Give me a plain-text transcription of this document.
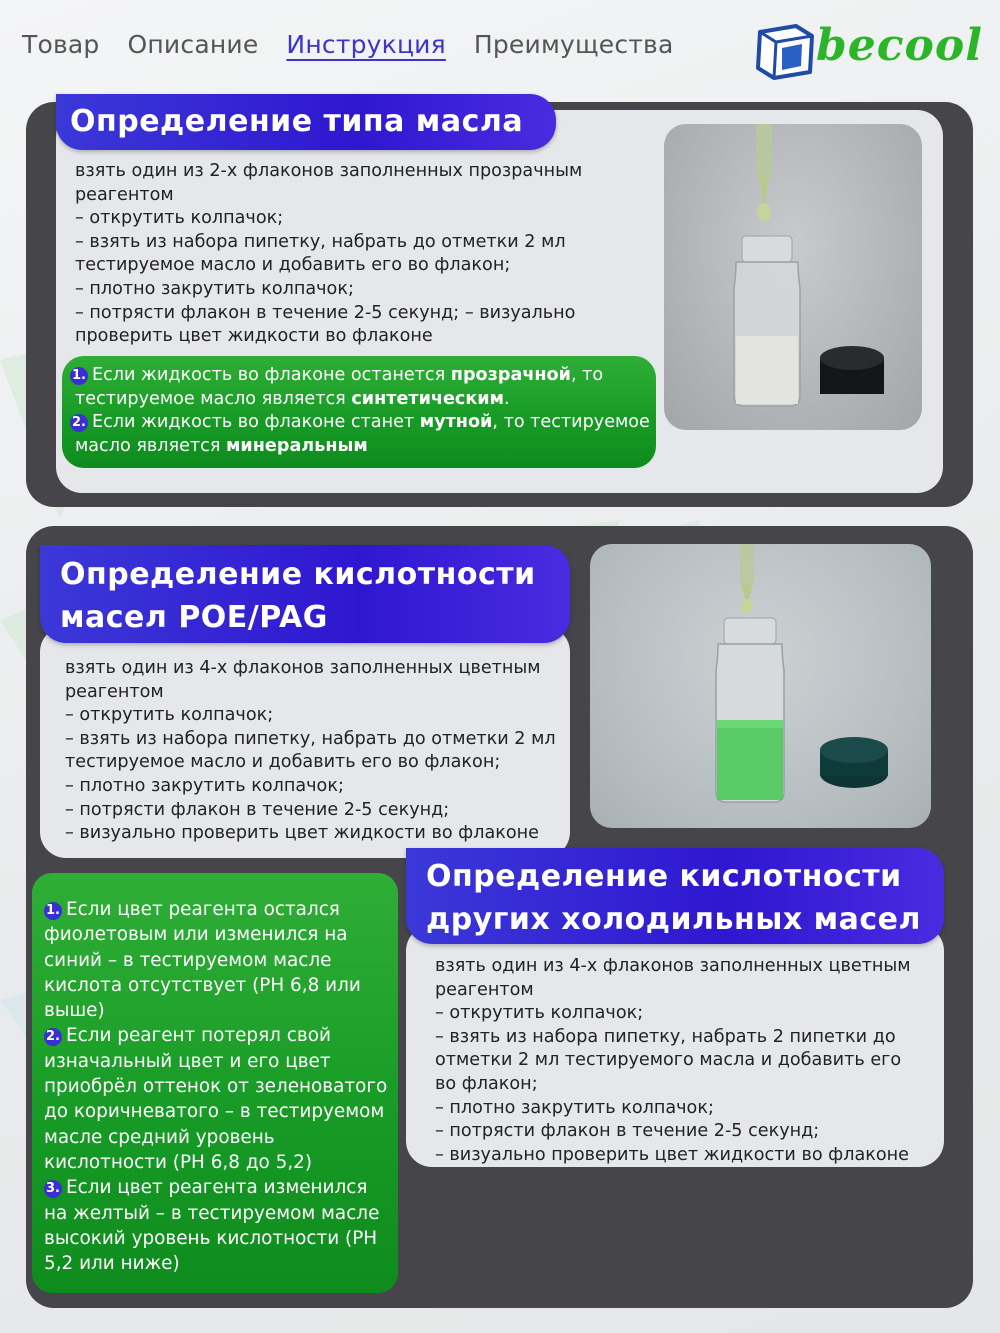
Товар Описание Инструкция Преимущества	becool
Определение типа масла
взять один из 2-х флаконов заполненных прозрачным
реагентом
– открутить колпачок;
– взять из набора пипетку, набрать до отметки 2 мл
тестируемое масло и добавить его во флакон;
– плотно закрутить колпачок;
– потрясти флакон в течение 2-5 секунд; – визуально
проверить цвет жидкости во флаконе
1. Если жидкость во флаконе останется прозрачной, то
тестируемое масло является синтетическим.
2. Если жидкость во флаконе станет мутной, то тестируемое
масло является минеральным
Определение кислотности
масел POE/PAG
взять один из 4-х флаконов заполненных цветным
реагентом
– открутить колпачок;
– взять из набора пипетку, набрать до отметки 2 мл
тестируемое масло и добавить его во флакон;
– плотно закрутить колпачок;
– потрясти флакон в течение 2-5 секунд;
– визуально проверить цвет жидкости во флаконе
1. Если цвет реагента остался
фиолетовым или изменился на
синий – в тестируемом масле
кислота отсутствует (PH 6,8 или
выше)
2. Если реагент потерял свой
изначальный цвет и его цвет
приобрёл оттенок от зеленоватого
до коричневатого – в тестируемом
масле средний уровень
кислотности (PH 6,8 до 5,2)
3. Если цвет реагента изменился
на желтый – в тестируемом масле
высокий уровень кислотности (PH
5,2 или ниже)
Определение кислотности
других холодильных масел
взять один из 4-х флаконов заполненных цветным
реагентом
– открутить колпачок;
– взять из набора пипетку, набрать 2 пипетки до
отметки 2 мл тестируемого масла и добавить его
во флакон;
– плотно закрутить колпачок;
– потрясти флакон в течение 2-5 секунд;
– визуально проверить цвет жидкости во флаконе
